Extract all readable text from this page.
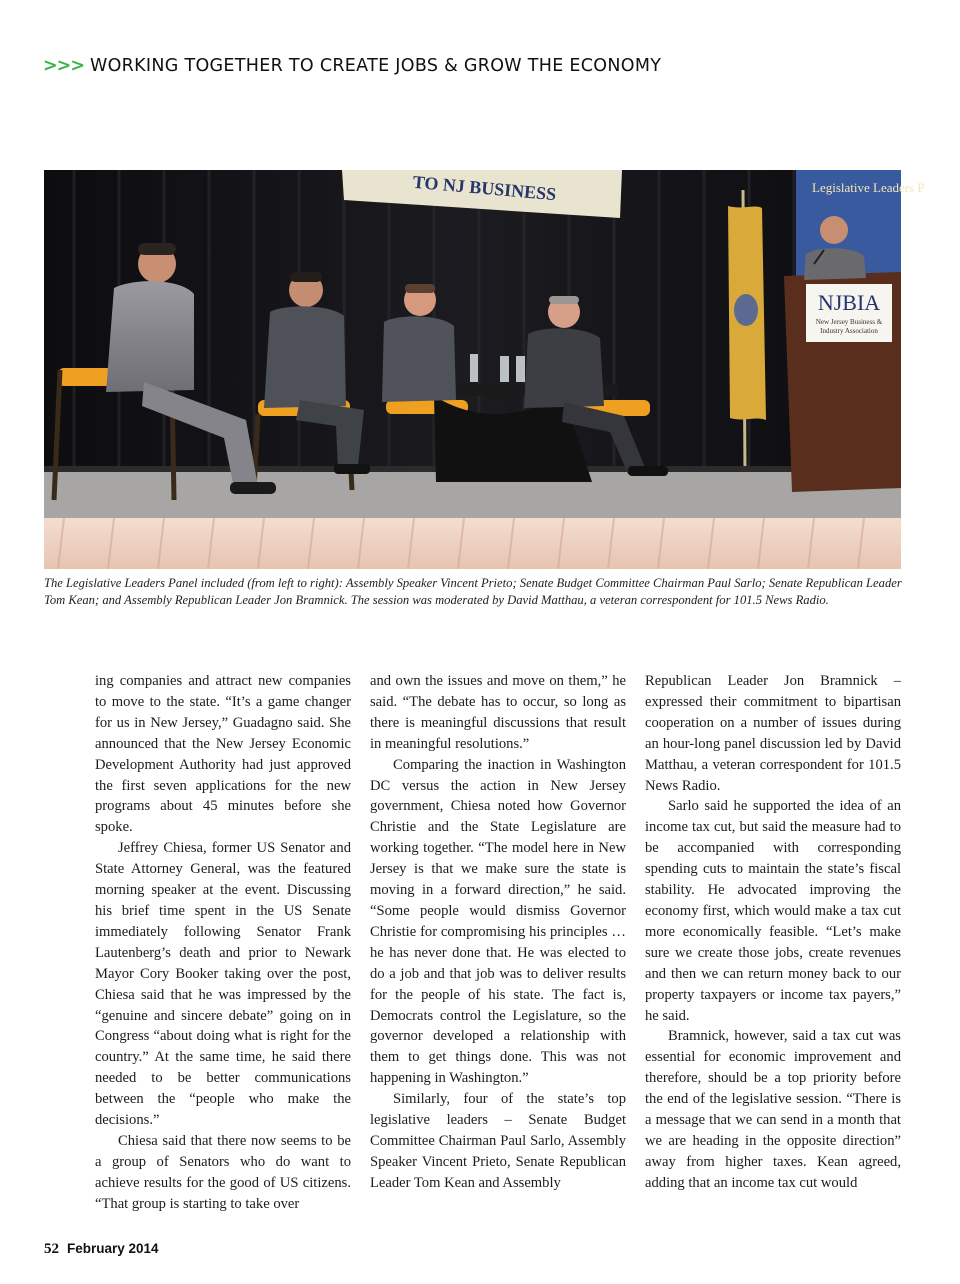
>>> WORKING TOGETHER TO CREATE JOBS & GROW THE ECONOMY
TO NJ BUSINESS	Legislative Leaders P
NJBIA
New Jersey Business &
Industry Association
The Legislative Leaders Panel included (from left to right): Assembly Speaker Vincent Prieto; Senate Budget Committee Chairman Paul Sarlo; Senate Republican Leader Tom Kean; and Assembly Republican Leader Jon Bramnick. The session was moderated by David Matthau, a veteran correspondent for 101.5 News Radio.

ing companies and attract new companies to move to the state. “It’s a game changer for us in New Jersey,” Guadagno said. She announced that the New Jersey Economic Development Authority had just approved the first seven applications for the new programs about 45 minutes before she spoke.

Jeffrey Chiesa, former US Senator and State Attorney General, was the featured morning speaker at the event. Discussing his brief time spent in the US Senate immediately following Senator Frank Lautenberg’s death and prior to Newark Mayor Cory Booker taking over the post, Chiesa said that he was impressed by the “genuine and sincere debate” going on in Congress “about doing what is right for the country.” At the same time, he said there needed to be better communications between the “people who make the decisions.”

Chiesa said that there now seems to be a group of Senators who do want to achieve results for the good of US citizens. “That group is starting to take over

and own the issues and move on them,” he said. “The debate has to occur, so long as there is meaningful discussions that result in meaningful resolutions.”

Comparing the inaction in Washington DC versus the action in New Jersey government, Chiesa noted how Governor Christie and the State Legislature are working together. “The model here in New Jersey is that we make sure the state is moving in a forward direction,” he said. “Some people would dismiss Governor Christie for compromising his principles … he has never done that. He was elected to do a job and that job was to deliver results for the people of his state. The fact is, Democrats control the Legislature, so the governor developed a relationship with them to get things done. This was not happening in Washington.”

Similarly, four of the state’s top legislative leaders – Senate Budget Committee Chairman Paul Sarlo, Assembly Speaker Vincent Prieto, Senate Republican Leader Tom Kean and Assembly

Republican Leader Jon Bramnick – expressed their commitment to bipartisan cooperation on a number of issues during an hour-long panel discussion led by David Matthau, a veteran correspondent for 101.5 News Radio.

Sarlo said he supported the idea of an income tax cut, but said the measure had to be accompanied with corresponding spending cuts to maintain the state’s fiscal stability. He advocated improving the economy first, which would make a tax cut more economically feasible. “Let’s make sure we create those jobs, create revenues and then we can return money back to our property taxpayers or income tax payers,” he said.

Bramnick, however, said a tax cut was essential for economic improvement and therefore, should be a top priority before the end of the legislative session. “There is a message that we can send in a month that we are heading in the opposite direction” away from higher taxes. Kean agreed, adding that an income tax cut would

52 February 2014
